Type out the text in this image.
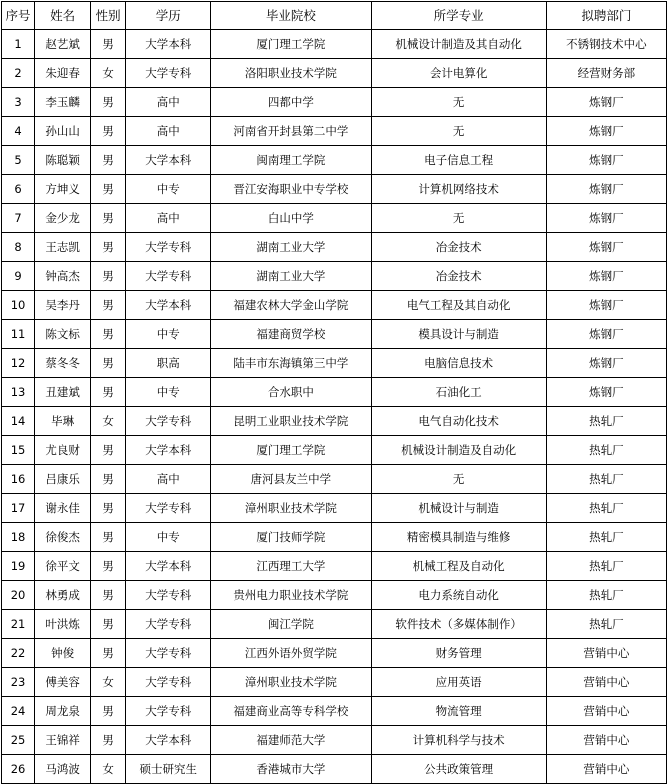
序号	姓名	性别	学历	毕业院校	所学专业	拟聘部门
1	赵艺斌	男	大学本科	厦门理工学院	机械设计制造及其自动化	不锈钢技术中心
2	朱迎春	女	大学专科	洛阳职业技术学院	会计电算化	经营财务部
3	李玉麟	男	高中	四都中学	无	炼钢厂
4	孙山山	男	高中	河南省开封县第二中学	无	炼钢厂
5	陈聪颖	男	大学本科	闽南理工学院	电子信息工程	炼钢厂
6	方坤义	男	中专	晋江安海职业中专学校	计算机网络技术	炼钢厂
7	金少龙	男	高中	白山中学	无	炼钢厂
8	王志凯	男	大学专科	湖南工业大学	冶金技术	炼钢厂
9	钟高杰	男	大学专科	湖南工业大学	冶金技术	炼钢厂
10	吴李丹	男	大学本科	福建农林大学金山学院	电气工程及其自动化	炼钢厂
11	陈文标	男	中专	福建商贸学校	模具设计与制造	炼钢厂
12	蔡冬冬	男	职高	陆丰市东海镇第三中学	电脑信息技术	炼钢厂
13	丑建斌	男	中专	合水职中	石油化工	炼钢厂
14	毕琳	女	大学专科	昆明工业职业技术学院	电气自动化技术	热轧厂
15	尤良财	男	大学本科	厦门理工学院	机械设计制造及自动化	热轧厂
16	吕康乐	男	高中	唐河县友兰中学	无	热轧厂
17	谢永佳	男	大学专科	漳州职业技术学院	机械设计与制造	热轧厂
18	徐俊杰	男	中专	厦门技师学院	精密模具制造与维修	热轧厂
19	徐平文	男	大学本科	江西理工大学	机械工程及自动化	热轧厂
20	林勇成	男	大学专科	贵州电力职业技术学院	电力系统自动化	热轧厂
21	叶洪炼	男	大学专科	闽江学院	软件技术（多媒体制作）	热轧厂
22	钟俊	男	大学专科	江西外语外贸学院	财务管理	营销中心
23	傅美容	女	大学专科	漳州职业技术学院	应用英语	营销中心
24	周龙泉	男	大学专科	福建商业高等专科学校	物流管理	营销中心
25	王锦祥	男	大学本科	福建师范大学	计算机科学与技术	营销中心
26	马鸿波	女	硕士研究生	香港城市大学	公共政策管理	营销中心
